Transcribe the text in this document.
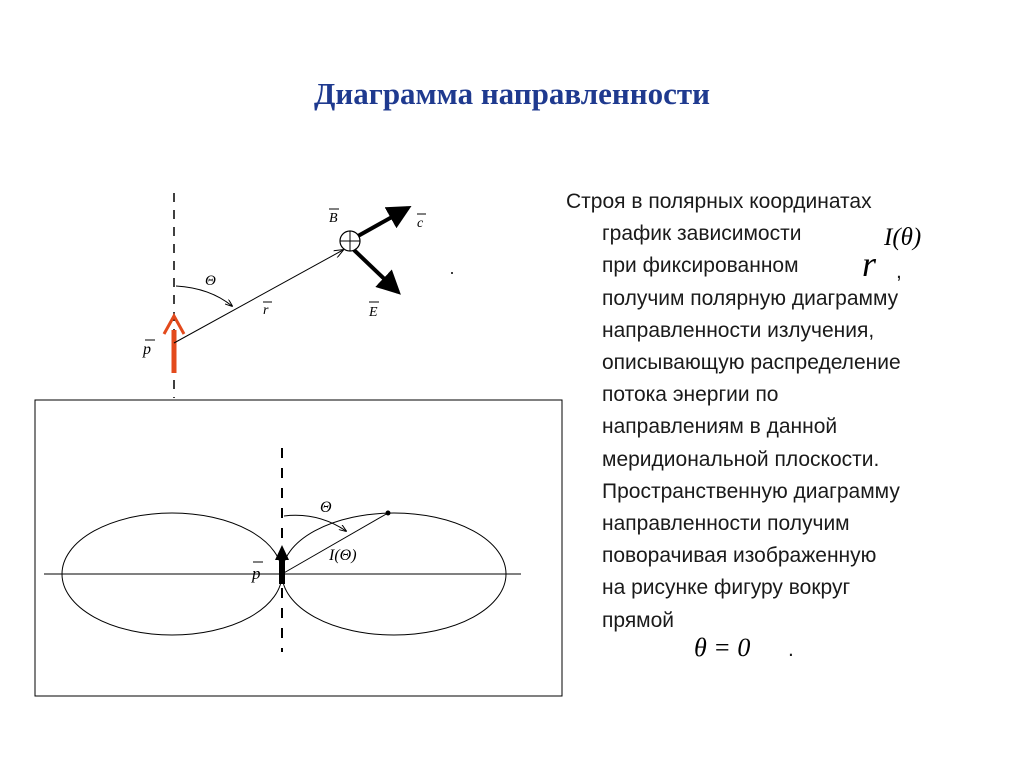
Диаграмма направленности
p
Θ
r
B	c
E
p
Θ
I(Θ)
Строя в полярных координатах
график зависимости
при фиксированном
получим полярную диаграмму
направленности излучения,
описывающую распределение
потока энергии по
направлениям в данной
меридиональной плоскости.
Пространственную диаграмму
направленности получим
поворачивая изображенную
на рисунке фигуру вокруг
прямой
I(θ)
r ,
θ = 0 .
